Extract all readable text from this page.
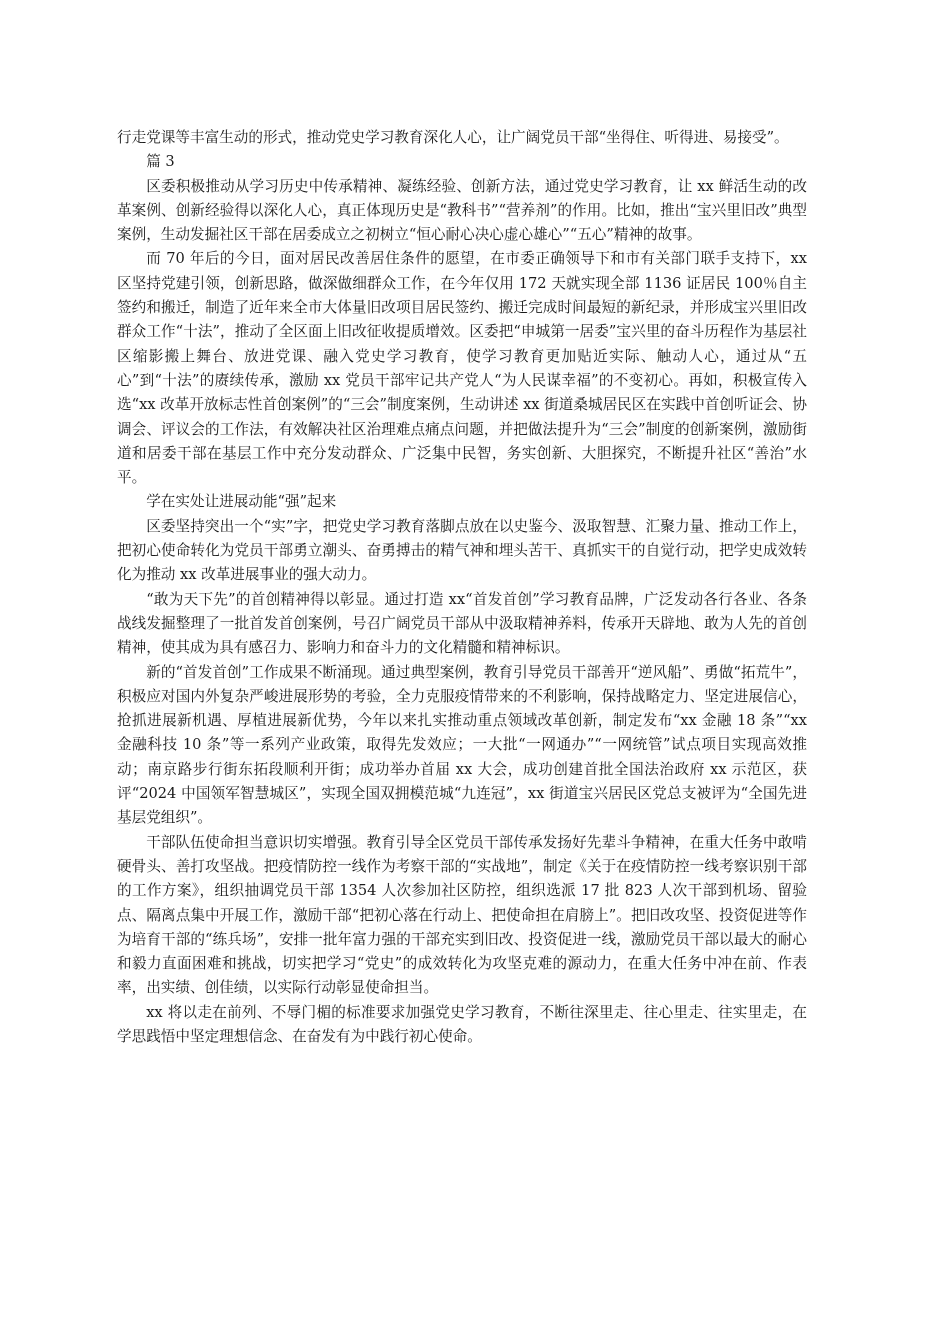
行走党课等丰富生动的形式，推动党史学习教育深化人心，让广阔党员干部“坐得住、听得进、易接受”。

篇 3

区委积极推动从学习历史中传承精神、凝练经验、创新方法，通过党史学习教育，让 xx 鲜活生动的改革案例、创新经验得以深化人心，真正体现历史是“教科书”“营养剂”的作用。比如，推出“宝兴里旧改”典型案例，生动发掘社区干部在居委成立之初树立“恒心耐心决心虚心雄心”“五心”精神的故事。

而 70 年后的今日，面对居民改善居住条件的愿望，在市委正确领导下和市有关部门联手支持下，xx 区坚持党建引领，创新思路，做深做细群众工作，在今年仅用 172 天就实现全部 1136 证居民 100％自主签约和搬迁，制造了近年来全市大体量旧改项目居民签约、搬迁完成时间最短的新纪录，并形成宝兴里旧改群众工作“十法”，推动了全区面上旧改征收提质增效。区委把“申城第一居委”宝兴里的奋斗历程作为基层社区缩影搬上舞台、放进党课、融入党史学习教育，使学习教育更加贴近实际、触动人心，通过从“五心”到“十法”的赓续传承，激励 xx 党员干部牢记共产党人“为人民谋幸福”的不变初心。再如，积极宣传入选“xx 改革开放标志性首创案例”的“三会”制度案例，生动讲述 xx 街道桑城居民区在实践中首创听证会、协调会、评议会的工作法，有效解决社区治理难点痛点问题，并把做法提升为“三会”制度的创新案例，激励街道和居委干部在基层工作中充分发动群众、广泛集中民智，务实创新、大胆探究，不断提升社区“善治”水平。

学在实处让进展动能“强”起来

区委坚持突出一个“实”字，把党史学习教育落脚点放在以史鉴今、汲取智慧、汇聚力量、推动工作上，把初心使命转化为党员干部勇立潮头、奋勇搏击的精气神和埋头苦干、真抓实干的自觉行动，把学史成效转化为推动 xx 改革进展事业的强大动力。

“敢为天下先”的首创精神得以彰显。通过打造 xx“首发首创”学习教育品牌，广泛发动各行各业、各条战线发掘整理了一批首发首创案例，号召广阔党员干部从中汲取精神养料，传承开天辟地、敢为人先的首创精神，使其成为具有感召力、影响力和奋斗力的文化精髓和精神标识。

新的“首发首创”工作成果不断涌现。通过典型案例，教育引导党员干部善开“逆风船”、勇做“拓荒牛”，积极应对国内外复杂严峻进展形势的考验，全力克服疫情带来的不利影响，保持战略定力、坚定进展信心，抢抓进展新机遇、厚植进展新优势，今年以来扎实推动重点领域改革创新，制定发布“xx 金融 18 条”“xx 金融科技 10 条”等一系列产业政策，取得先发效应；一大批“一网通办”“一网统管”试点项目实现高效推动；南京路步行街东拓段顺利开街；成功举办首届 xx 大会，成功创建首批全国法治政府 xx 示范区，获评“2024 中国领军智慧城区”，实现全国双拥模范城“九连冠”，xx 街道宝兴居民区党总支被评为“全国先进基层党组织”。

干部队伍使命担当意识切实增强。教育引导全区党员干部传承发扬好先辈斗争精神，在重大任务中敢啃硬骨头、善打攻坚战。把疫情防控一线作为考察干部的“实战地”，制定《关于在疫情防控一线考察识别干部的工作方案》，组织抽调党员干部 1354 人次参加社区防控，组织选派 17 批 823 人次干部到机场、留验点、隔离点集中开展工作，激励干部“把初心落在行动上、把使命担在肩膀上”。把旧改攻坚、投资促进等作为培育干部的“练兵场”，安排一批年富力强的干部充实到旧改、投资促进一线，激励党员干部以最大的耐心和毅力直面困难和挑战，切实把学习“党史”的成效转化为攻坚克难的源动力，在重大任务中冲在前、作表率，出实绩、创佳绩，以实际行动彰显使命担当。

xx 将以走在前列、不辱门楣的标准要求加强党史学习教育，不断往深里走、往心里走、往实里走，在学思践悟中坚定理想信念、在奋发有为中践行初心使命。
